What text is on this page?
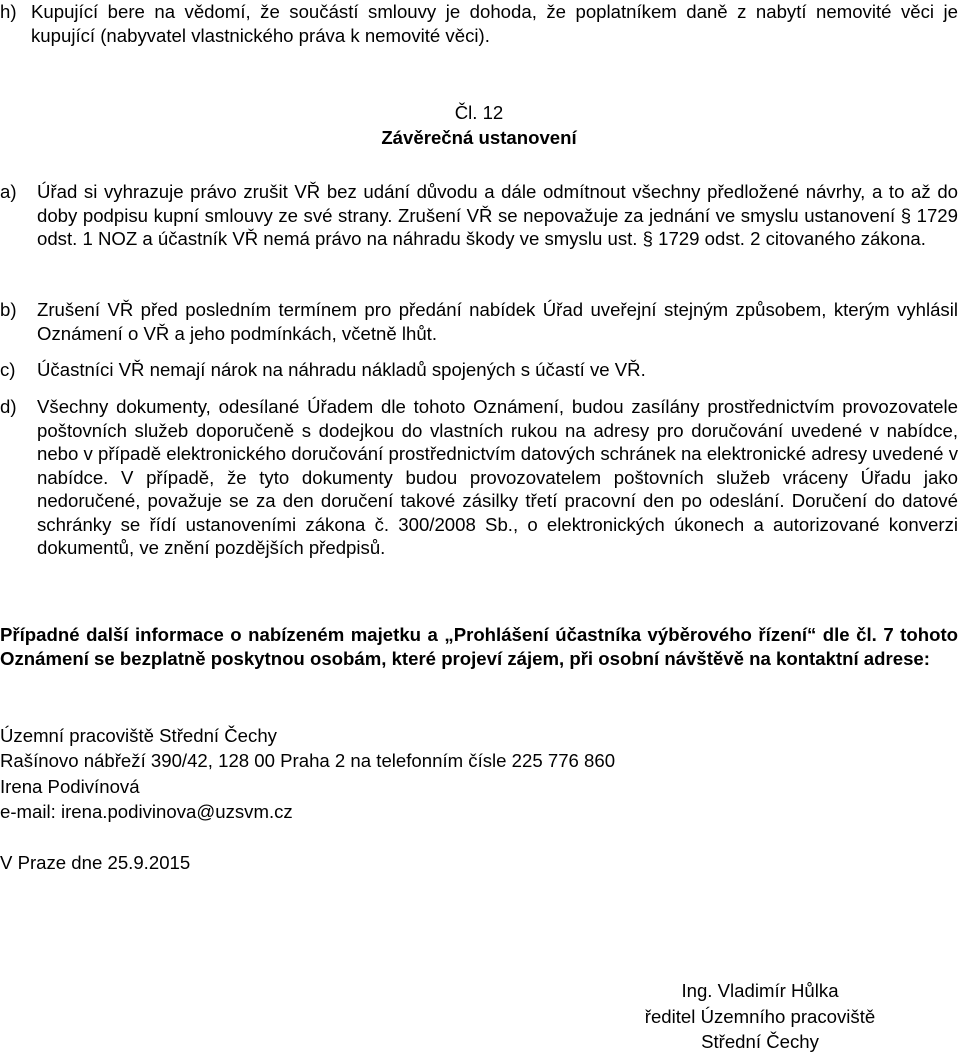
h) Kupující bere na vědomí, že součástí smlouvy je dohoda, že poplatníkem daně z nabytí nemovité věci je kupující (nabyvatel vlastnického práva k nemovité věci).
Čl. 12
Závěrečná ustanovení
a) Úřad si vyhrazuje právo zrušit VŘ bez udání důvodu a dále odmítnout všechny předložené návrhy, a to až do doby podpisu kupní smlouvy ze své strany. Zrušení VŘ se nepovažuje za jednání ve smyslu ustanovení § 1729 odst. 1 NOZ a účastník VŘ nemá právo na náhradu škody ve smyslu ust. § 1729 odst. 2 citovaného zákona.
b) Zrušení VŘ před posledním termínem pro předání nabídek Úřad uveřejní stejným způsobem, kterým vyhlásil Oznámení o VŘ a jeho podmínkách, včetně lhůt.
c) Účastníci VŘ nemají nárok na náhradu nákladů spojených s účastí ve VŘ.
d) Všechny dokumenty, odesílané Úřadem dle tohoto Oznámení, budou zasílány prostřednictvím provozovatele poštovních služeb doporučeně s dodejkou do vlastních rukou na adresy pro doručování uvedené v nabídce, nebo v případě elektronického doručování prostřednictvím datových schránek na elektronické adresy uvedené v nabídce. V případě, že tyto dokumenty budou provozovatelem poštovních služeb vráceny Úřadu jako nedoručené, považuje se za den doručení takové zásilky třetí pracovní den po odeslání. Doručení do datové schránky se řídí ustanoveními zákona č. 300/2008 Sb., o elektronických úkonech a autorizované konverzi dokumentů, ve znění pozdějších předpisů.
Případné další informace o nabízeném majetku a „Prohlášení účastníka výběrového řízení“ dle čl. 7 tohoto Oznámení se bezplatně poskytnou osobám, které projeví zájem, při osobní návštěvě na kontaktní adrese:
Územní pracoviště Střední Čechy
Rašínovo nábřeží 390/42, 128 00 Praha 2 na telefonním čísle 225 776 860
Irena Podivínová
e-mail: irena.podivinova@uzsvm.cz
V Praze dne 25.9.2015
Ing. Vladimír Hůlka
ředitel Územního pracoviště
Střední Čechy
